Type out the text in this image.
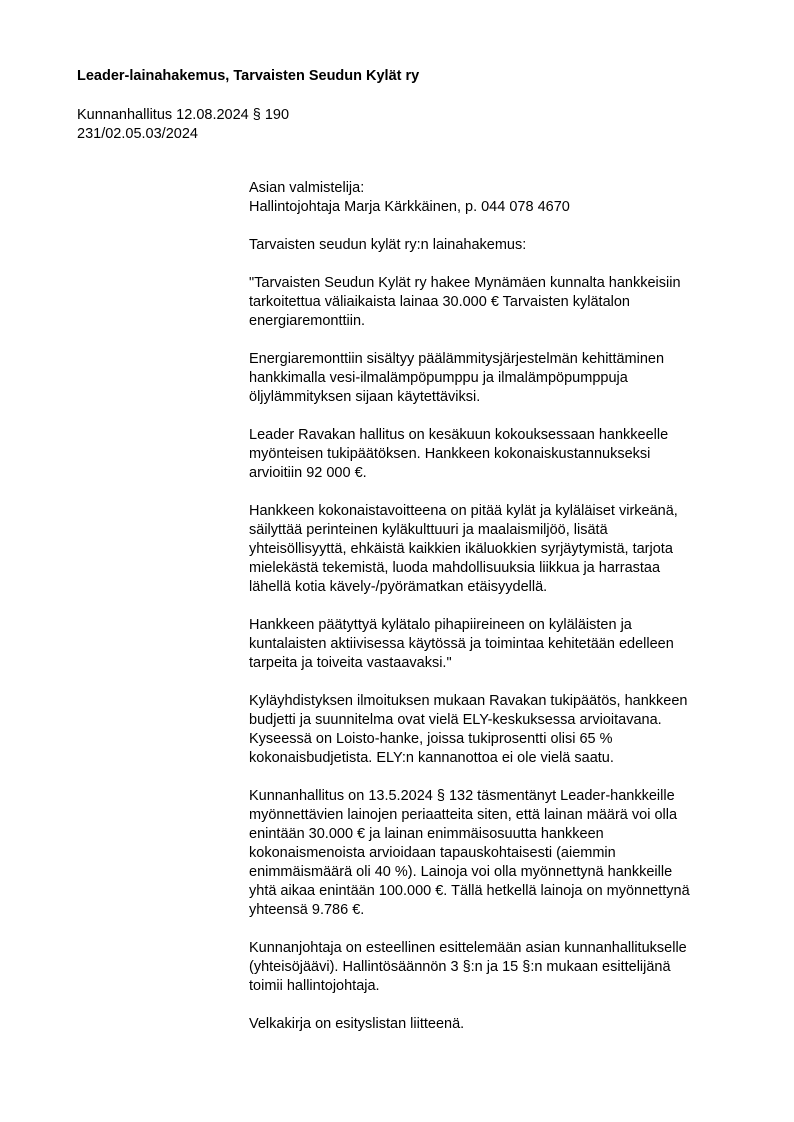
Leader-lainahakemus, Tarvaisten Seudun Kylät ry
Kunnanhallitus 12.08.2024 § 190
231/02.05.03/2024
Asian valmistelija:
Hallintojohtaja Marja Kärkkäinen, p. 044 078 4670
Tarvaisten seudun kylät ry:n lainahakemus:
"Tarvaisten Seudun Kylät ry hakee Mynämäen kunnalta hankkeisiin
tarkoitettua väliaikaista lainaa 30.000 € Tarvaisten kylätalon
energiaremonttiin.
Energiaremonttiin sisältyy päälämmitysjärjestelmän kehittäminen
hankkimalla vesi-ilmalämpöpumppu ja ilmalämpöpumppuja
öljylämmityksen sijaan käytettäviksi.
Leader Ravakan hallitus on kesäkuun kokouksessaan hankkeelle
myönteisen tukipäätöksen. Hankkeen kokonaiskustannukseksi
arvioitiin 92 000 €.
Hankkeen kokonaistavoitteena on pitää kylät ja kyläläiset virkeänä,
säilyttää perinteinen kyläkulttuuri ja maalaismiljöö, lisätä
yhteisöllisyyttä, ehkäistä kaikkien ikäluokkien syrjäytymistä, tarjota
mielekästä tekemistä, luoda mahdollisuuksia liikkua ja harrastaa
lähellä kotia kävely-/pyörämatkan etäisyydellä.
Hankkeen päätyttyä kylätalo pihapiireineen on kyläläisten ja
kuntalaisten aktiivisessa käytössä ja toimintaa kehitetään edelleen
tarpeita ja toiveita vastaavaksi."
Kyläyhdistyksen ilmoituksen mukaan Ravakan tukipäätös, hankkeen
budjetti ja suunnitelma ovat vielä ELY-keskuksessa arvioitavana.
Kyseessä on Loisto-hanke, joissa tukiprosentti olisi 65 %
kokonaisbudjetista. ELY:n kannanottoa ei ole vielä saatu.
Kunnanhallitus on 13.5.2024 § 132 täsmentänyt Leader-hankkeille
myönnettävien lainojen periaatteita siten, että lainan määrä voi olla
enintään 30.000 € ja lainan enimmäisosuutta hankkeen
kokonaismenoista arvioidaan tapauskohtaisesti (aiemmin
enimmäismäärä oli 40 %). Lainoja voi olla myönnettynä hankkeille
yhtä aikaa enintään 100.000 €. Tällä hetkellä lainoja on myönnettynä
yhteensä 9.786 €.
Kunnanjohtaja on esteellinen esittelemään asian kunnanhallitukselle
(yhteisöjäävi). Hallintösäännön 3 §:n ja 15 §:n mukaan esittelijänä
toimii hallintojohtaja.
Velkakirja on esityslistan liitteenä.
